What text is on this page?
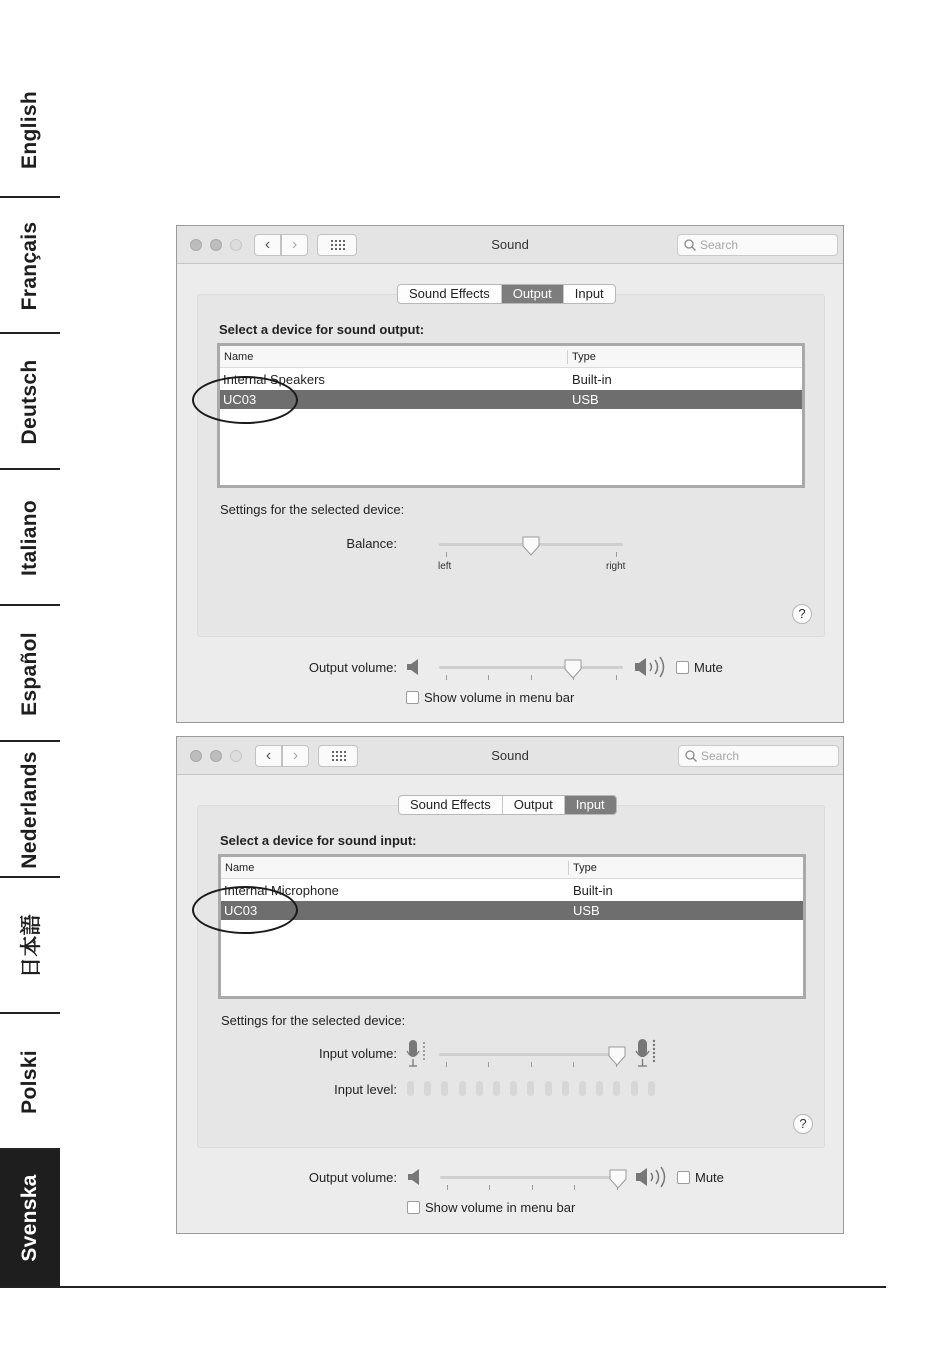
English
Français
Deutsch
Italiano
Español
Nederlands
日本語
Polski
Svenska
‹	›	Sound
Search
Sound Effects	Output	Input
Select a device for sound output:
Name	Type
Internal Speakers	Built-in
UC03	USB
Settings for the selected device:
Balance:
left	right
?
Output volume:	Mute
Show volume in menu bar
‹	›	Sound
Search
Sound Effects	Output	Input
Select a device for sound input:
Name	Type
Internal Microphone	Built-in
UC03	USB
Settings for the selected device:
Input volume:
Input level:
?
Output volume:	Mute
Show volume in menu bar
